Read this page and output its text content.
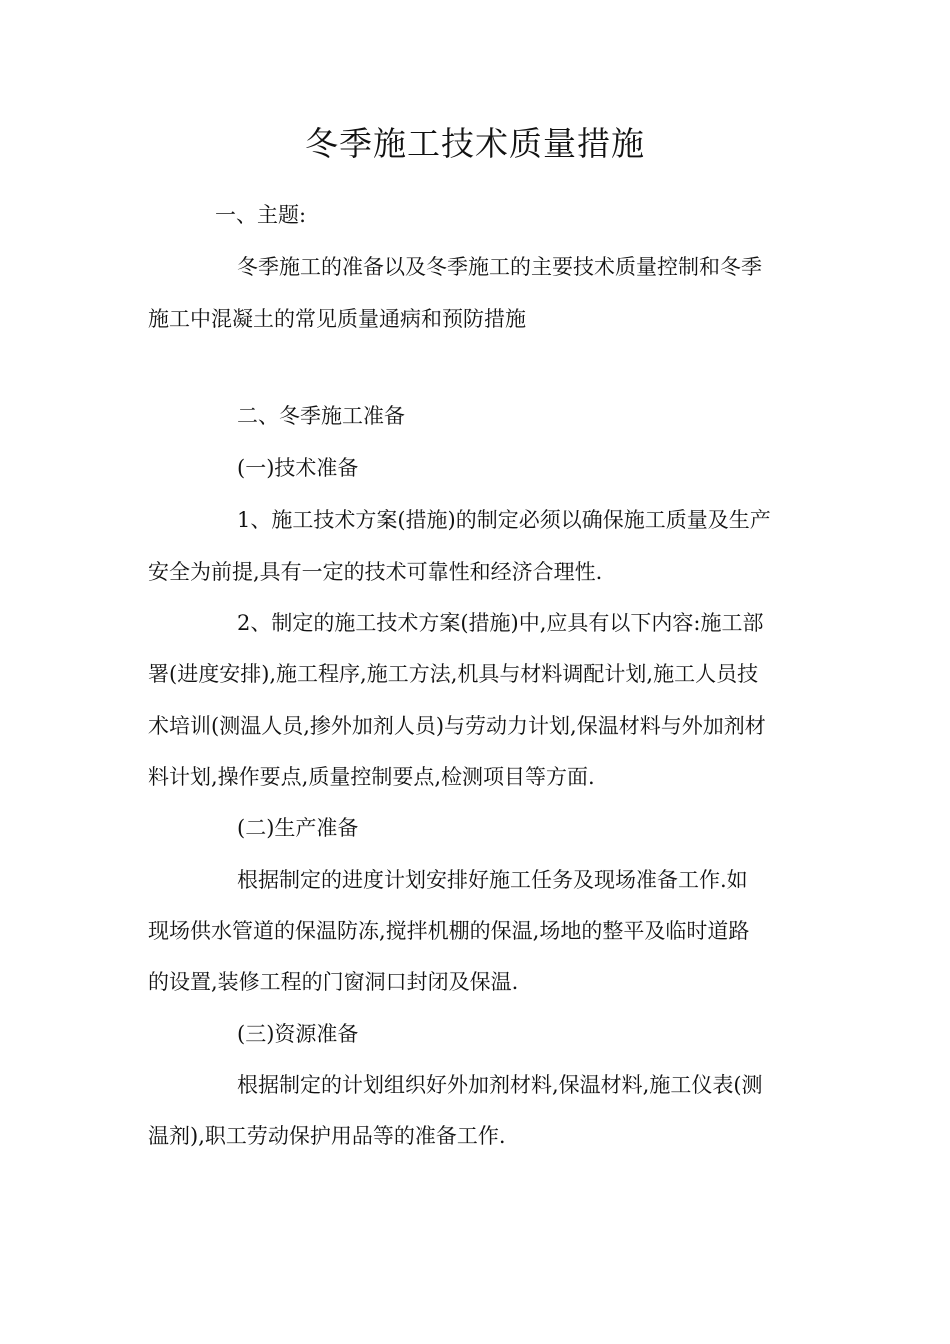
冬季施工技术质量措施
一、主题:
冬季施工的准备以及冬季施工的主要技术质量控制和冬季
施工中混凝土的常见质量通病和预防措施
二、冬季施工准备
(一)技术准备
1、施工技术方案(措施)的制定必须以确保施工质量及生产
安全为前提,具有一定的技术可靠性和经济合理性.
2、制定的施工技术方案(措施)中,应具有以下内容:施工部
署(进度安排),施工程序,施工方法,机具与材料调配计划,施工人员技
术培训(测温人员,掺外加剂人员)与劳动力计划,保温材料与外加剂材
料计划,操作要点,质量控制要点,检测项目等方面.
(二)生产准备
根据制定的进度计划安排好施工任务及现场准备工作.如
现场供水管道的保温防冻,搅拌机棚的保温,场地的整平及临时道路
的设置,装修工程的门窗洞口封闭及保温.
(三)资源准备
根据制定的计划组织好外加剂材料,保温材料,施工仪表(测
温剂),职工劳动保护用品等的准备工作.
